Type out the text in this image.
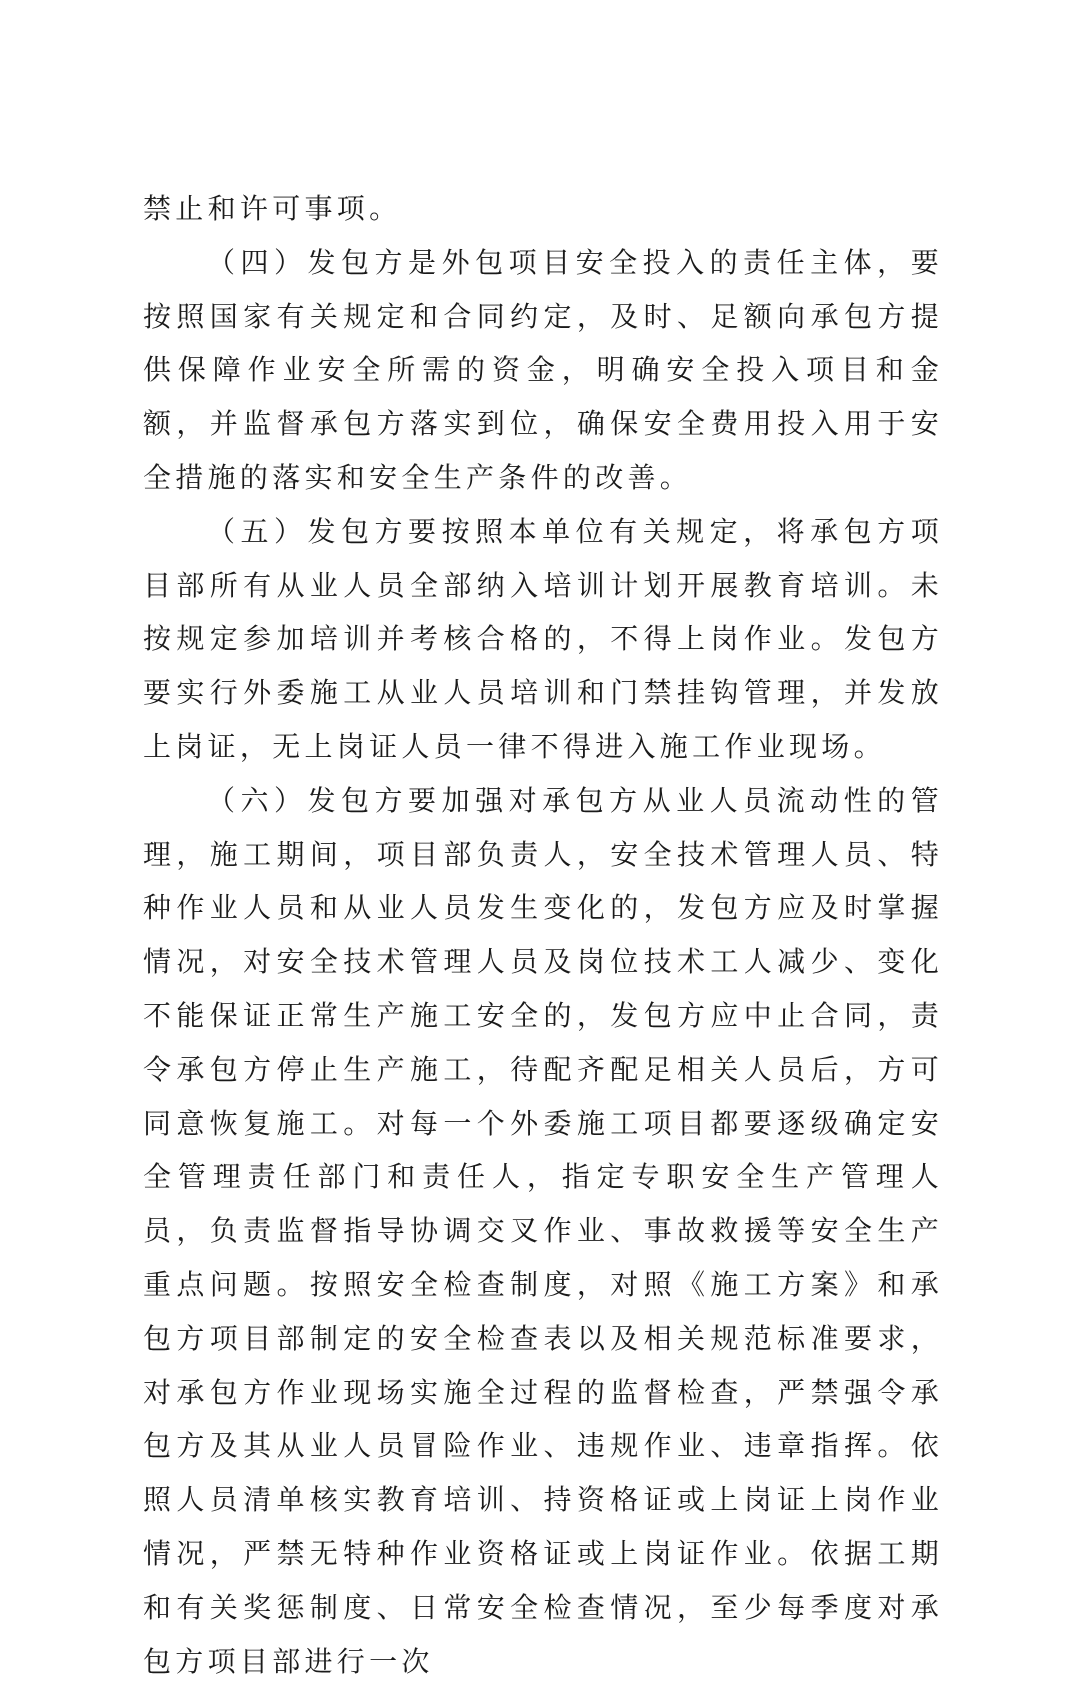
禁止和许可事项。

（四）发包方是外包项目安全投入的责任主体，要按照国家有关规定和合同约定，及时、足额向承包方提供保障作业安全所需的资金，明确安全投入项目和金额，并监督承包方落实到位，确保安全费用投入用于安全措施的落实和安全生产条件的改善。

（五）发包方要按照本单位有关规定，将承包方项目部所有从业人员全部纳入培训计划开展教育培训。未按规定参加培训并考核合格的，不得上岗作业。发包方要实行外委施工从业人员培训和门禁挂钩管理，并发放上岗证，无上岗证人员一律不得进入施工作业现场。

（六）发包方要加强对承包方从业人员流动性的管理，施工期间，项目部负责人，安全技术管理人员、特种作业人员和从业人员发生变化的，发包方应及时掌握情况，对安全技术管理人员及岗位技术工人减少、变化不能保证正常生产施工安全的，发包方应中止合同，责令承包方停止生产施工，待配齐配足相关人员后，方可同意恢复施工。对每一个外委施工项目都要逐级确定安全管理责任部门和责任人，指定专职安全生产管理人员，负责监督指导协调交叉作业、事故救援等安全生产重点问题。按照安全检查制度，对照《施工方案》和承包方项目部制定的安全检查表以及相关规范标准要求，对承包方作业现场实施全过程的监督检查，严禁强令承包方及其从业人员冒险作业、违规作业、违章指挥。依照人员清单核实教育培训、持资格证或上岗证上岗作业情况，严禁无特种作业资格证或上岗证作业。依据工期和有关奖惩制度、日常安全检查情况，至少每季度对承包方项目部进行一次
